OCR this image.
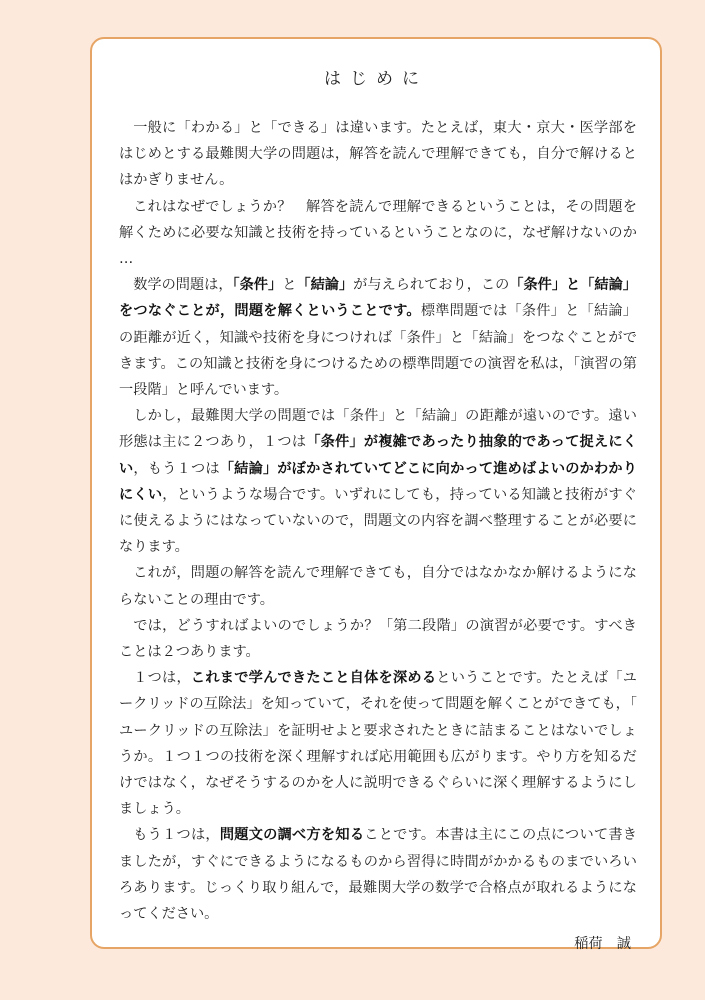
はじめに

一般に「わかる」と「できる」は違います。たとえば，東大・京大・医学部をはじめとする最難関大学の問題は，解答を読んで理解できても，自分で解けるとはかぎりません。

これはなぜでしょうか？　解答を読んで理解できるということは，その問題を解くために必要な知識と技術を持っているということなのに，なぜ解けないのか…

数学の問題は，「条件」と「結論」が与えられており，この「条件」と「結論」をつなぐことが，問題を解くということです。標準問題では「条件」と「結論」の距離が近く，知識や技術を身につければ「条件」と「結論」をつなぐことができます。この知識と技術を身につけるための標準問題での演習を私は，「演習の第一段階」と呼んでいます。

しかし，最難関大学の問題では「条件」と「結論」の距離が遠いのです。遠い形態は主に２つあり，１つは「条件」が複雑であったり抽象的であって捉えにくい，もう１つは「結論」がぼかされていてどこに向かって進めばよいのかわかりにくい，というような場合です。いずれにしても，持っている知識と技術がすぐに使えるようにはなっていないので，問題文の内容を調べ整理することが必要になります。

これが，問題の解答を読んで理解できても，自分ではなかなか解けるようにならないことの理由です。

では，どうすればよいのでしょうか？「第二段階」の演習が必要です。すべきことは２つあります。

１つは，これまで学んできたこと自体を深めるということです。たとえば「ユークリッドの互除法」を知っていて，それを使って問題を解くことができても，「ユークリッドの互除法」を証明せよと要求されたときに詰まることはないでしょうか。１つ１つの技術を深く理解すれば応用範囲も広がります。やり方を知るだけではなく，なぜそうするのかを人に説明できるぐらいに深く理解するようにしましょう。

もう１つは，問題文の調べ方を知ることです。本書は主にこの点について書きましたが，すぐにできるようになるものから習得に時間がかかるものまでいろいろあります。じっくり取り組んで，最難関大学の数学で合格点が取れるようになってください。

稲荷　誠
